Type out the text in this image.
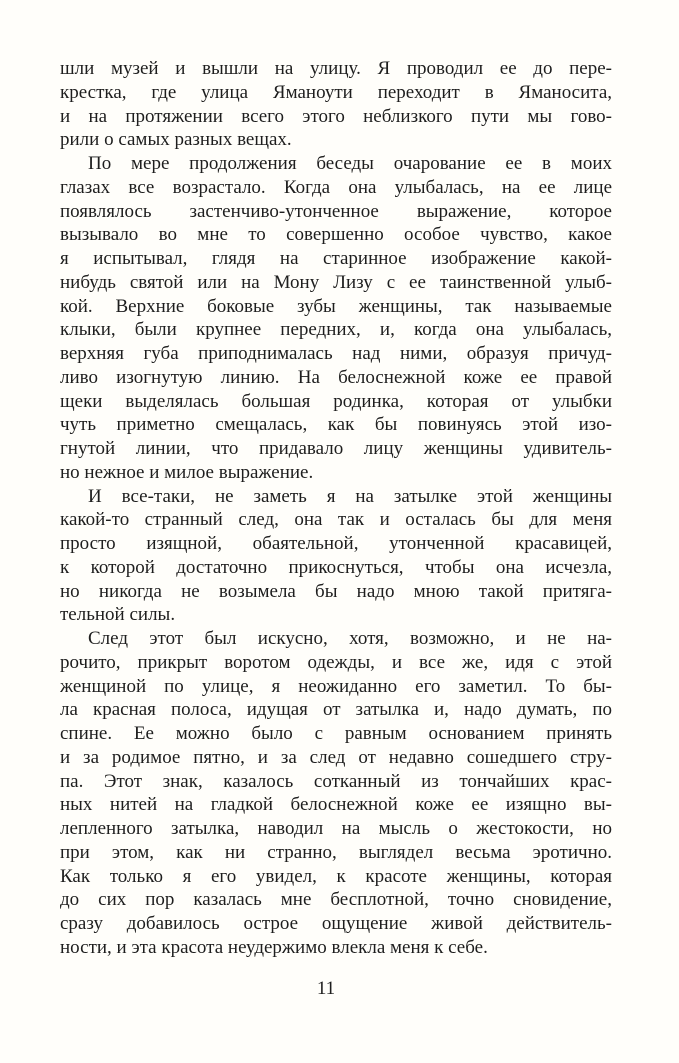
шли музей и вышли на улицу. Я проводил ее до пере-
крестка, где улица Яманоути переходит в Яманосита,
и на протяжении всего этого неблизкого пути мы гово-
рили о самых разных вещах.
По мере продолжения беседы очарование ее в моих
глазах все возрастало. Когда она улыбалась, на ее лице
появлялось застенчиво-утонченное выражение, которое
вызывало во мне то совершенно особое чувство, какое
я испытывал, глядя на старинное изображение какой-
нибудь святой или на Мону Лизу с ее таинственной улыб-
кой. Верхние боковые зубы женщины, так называемые
клыки, были крупнее передних, и, когда она улыбалась,
верхняя губа приподнималась над ними, образуя причуд-
ливо изогнутую линию. На белоснежной коже ее правой
щеки выделялась большая родинка, которая от улыбки
чуть приметно смещалась, как бы повинуясь этой изо-
гнутой линии, что придавало лицу женщины удивитель-
но нежное и милое выражение.
И все-таки, не заметь я на затылке этой женщины
какой-то странный след, она так и осталась бы для меня
просто изящной, обаятельной, утонченной красавицей,
к которой достаточно прикоснуться, чтобы она исчезла,
но никогда не возымела бы надо мною такой притяга-
тельной силы.
След этот был искусно, хотя, возможно, и не на-
рочито, прикрыт воротом одежды, и все же, идя с этой
женщиной по улице, я неожиданно его заметил. То бы-
ла красная полоса, идущая от затылка и, надо думать, по
спине. Ее можно было с равным основанием принять
и за родимое пятно, и за след от недавно сошедшего стру-
па. Этот знак, казалось сотканный из тончайших крас-
ных нитей на гладкой белоснежной коже ее изящно вы-
лепленного затылка, наводил на мысль о жестокости, но
при этом, как ни странно, выглядел весьма эротично.
Как только я его увидел, к красоте женщины, которая
до сих пор казалась мне бесплотной, точно сновидение,
сразу добавилось острое ощущение живой действитель-
ности, и эта красота неудержимо влекла меня к себе.
11
